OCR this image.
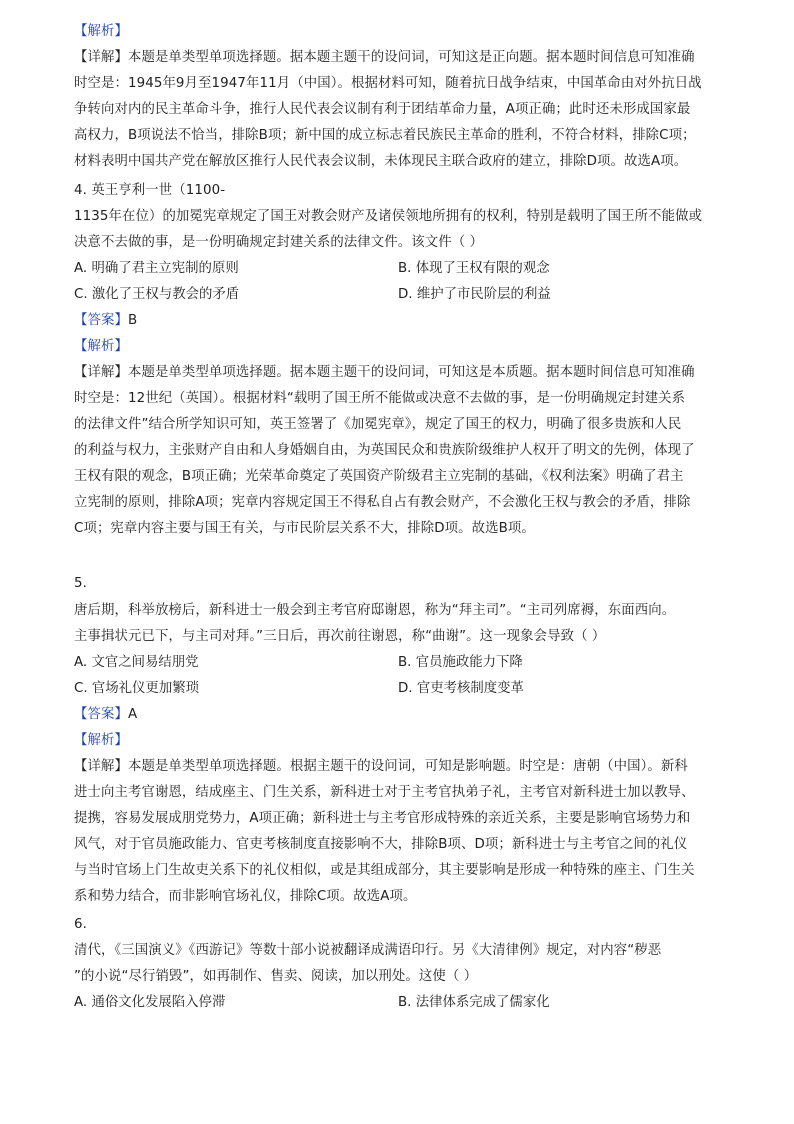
【解析】
【详解】本题是单类型单项选择题。据本题主题干的设问词，可知这是正向题。据本题时间信息可知准确
时空是：1945年9月至1947年11月（中国）。根据材料可知，随着抗日战争结束，中国革命由对外抗日战
争转向对内的民主革命斗争，推行人民代表会议制有利于团结革命力量，A项正确；此时还未形成国家最
高权力，B项说法不恰当，排除B项；新中国的成立标志着民族民主革命的胜利，不符合材料，排除C项；
材料表明中国共产党在解放区推行人民代表会议制，未体现民主联合政府的建立，排除D项。故选A项。
4. 英王亨利一世（1100-
1135年在位）的加冕宪章规定了国王对教会财产及诸侯领地所拥有的权利，特别是载明了国王所不能做或
决意不去做的事，是一份明确规定封建关系的法律文件。该文件（ ）
A. 明确了君主立宪制的原则	B. 体现了王权有限的观念
C. 激化了王权与教会的矛盾	D. 维护了市民阶层的利益
【答案】B
【解析】
【详解】本题是单类型单项选择题。据本题主题干的设问词，可知这是本质题。据本题时间信息可知准确
时空是：12世纪（英国）。根据材料“载明了国王所不能做或决意不去做的事，是一份明确规定封建关系
的法律文件”结合所学知识可知，英王签署了《加冕宪章》，规定了国王的权力，明确了很多贵族和人民
的利益与权力，主张财产自由和人身婚姻自由，为英国民众和贵族阶级维护人权开了明文的先例，体现了
王权有限的观念，B项正确；光荣革命奠定了英国资产阶级君主立宪制的基础，《权利法案》明确了君主
立宪制的原则，排除A项；宪章内容规定国王不得私自占有教会财产，不会激化王权与教会的矛盾，排除
C项；宪章内容主要与国王有关，与市民阶层关系不大，排除D项。故选B项。
5.
唐后期，科举放榜后，新科进士一般会到主考官府邸谢恩，称为“拜主司”。“主司列席褥，东面西向。
主事揖状元已下，与主司对拜。”三日后，再次前往谢恩，称“曲谢”。这一现象会导致（ ）
A. 文官之间易结朋党	B. 官员施政能力下降
C. 官场礼仪更加繁琐	D. 官吏考核制度变革
【答案】A
【解析】
【详解】本题是单类型单项选择题。根据主题干的设问词，可知是影响题。时空是：唐朝（中国）。新科
进士向主考官谢恩，结成座主、门生关系，新科进士对于主考官执弟子礼，主考官对新科进士加以教导、
提携，容易发展成朋党势力，A项正确；新科进士与主考官形成特殊的亲近关系，主要是影响官场势力和
风气，对于官员施政能力、官吏考核制度直接影响不大，排除B项、D项；新科进士与主考官之间的礼仪
与当时官场上门生故吏关系下的礼仪相似，或是其组成部分，其主要影响是形成一种特殊的座主、门生关
系和势力结合，而非影响官场礼仪，排除C项。故选A项。
6.
清代，《三国演义》《西游记》等数十部小说被翻译成满语印行。另《大清律例》规定，对内容“秽恶
”的小说“尽行销毁”，如再制作、售卖、阅读，加以刑处。这使（ ）
A. 通俗文化发展陷入停滞	B. 法律体系完成了儒家化
